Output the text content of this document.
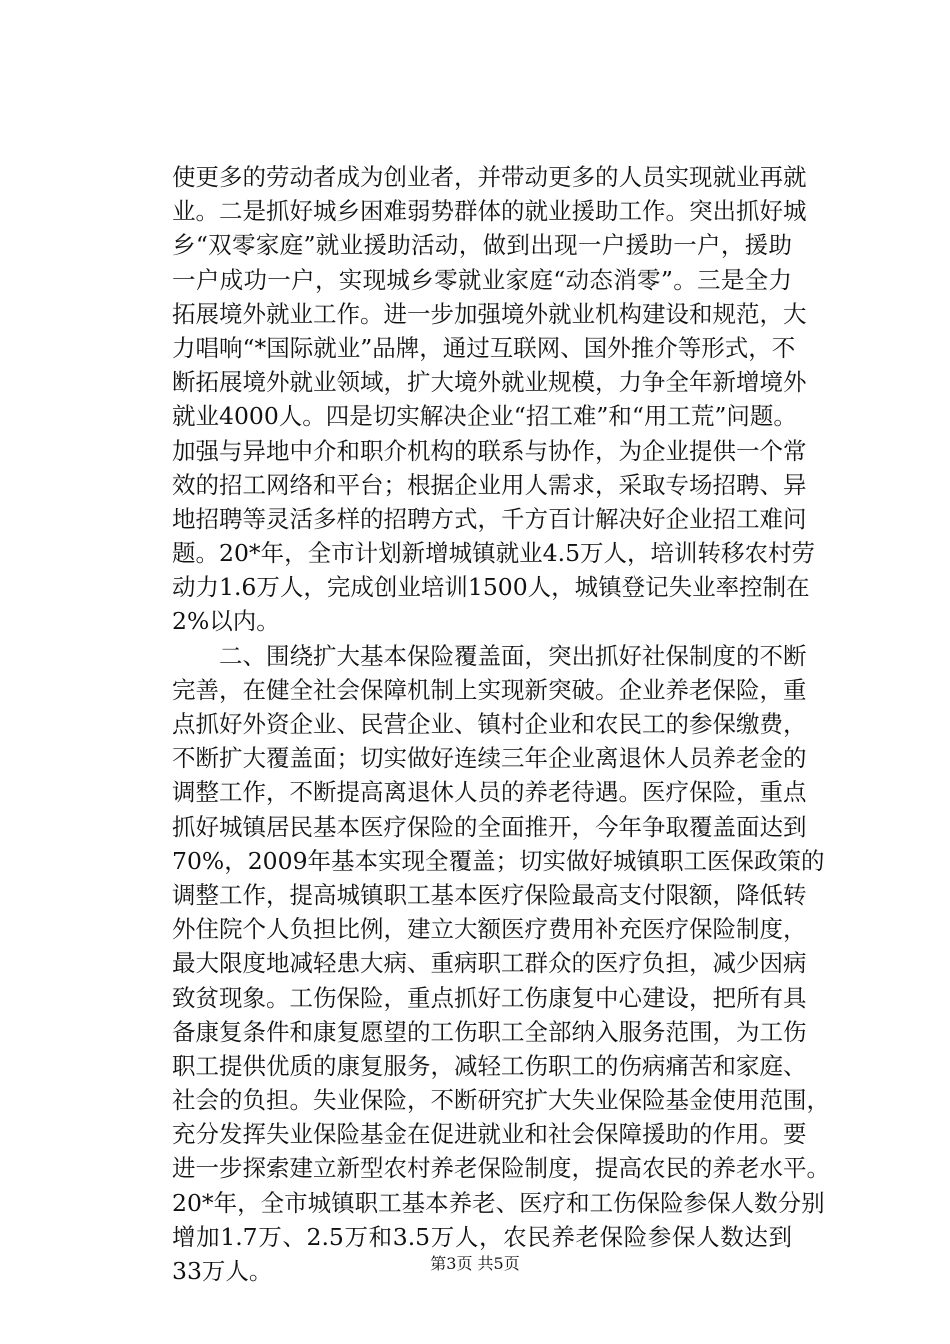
使更多的劳动者成为创业者，并带动更多的人员实现就业再就
业。二是抓好城乡困难弱势群体的就业援助工作。突出抓好城
乡“双零家庭”就业援助活动，做到出现一户援助一户，援助
一户成功一户，实现城乡零就业家庭“动态消零”。三是全力
拓展境外就业工作。进一步加强境外就业机构建设和规范，大
力唱响“*国际就业”品牌，通过互联网、国外推介等形式，不
断拓展境外就业领域，扩大境外就业规模，力争全年新增境外
就业4000人。四是切实解决企业“招工难”和“用工荒”问题。
加强与异地中介和职介机构的联系与协作，为企业提供一个常
效的招工网络和平台；根据企业用人需求，采取专场招聘、异
地招聘等灵活多样的招聘方式，千方百计解决好企业招工难问
题。20*年，全市计划新增城镇就业4.5万人，培训转移农村劳
动力1.6万人，完成创业培训1500人，城镇登记失业率控制在
2%以内。
　　二、围绕扩大基本保险覆盖面，突出抓好社保制度的不断
完善，在健全社会保障机制上实现新突破。企业养老保险，重
点抓好外资企业、民营企业、镇村企业和农民工的参保缴费，
不断扩大覆盖面；切实做好连续三年企业离退休人员养老金的
调整工作，不断提高离退休人员的养老待遇。医疗保险，重点
抓好城镇居民基本医疗保险的全面推开，今年争取覆盖面达到
70%，2009年基本实现全覆盖；切实做好城镇职工医保政策的
调整工作，提高城镇职工基本医疗保险最高支付限额，降低转
外住院个人负担比例，建立大额医疗费用补充医疗保险制度，
最大限度地减轻患大病、重病职工群众的医疗负担，减少因病
致贫现象。工伤保险，重点抓好工伤康复中心建设，把所有具
备康复条件和康复愿望的工伤职工全部纳入服务范围，为工伤
职工提供优质的康复服务，减轻工伤职工的伤病痛苦和家庭、
社会的负担。失业保险，不断研究扩大失业保险基金使用范围，
充分发挥失业保险基金在促进就业和社会保障援助的作用。要
进一步探索建立新型农村养老保险制度，提高农民的养老水平。
20*年，全市城镇职工基本养老、医疗和工伤保险参保人数分别
增加1.7万、2.5万和3.5万人，农民养老保险参保人数达到
33万人。	第3页 共5页
